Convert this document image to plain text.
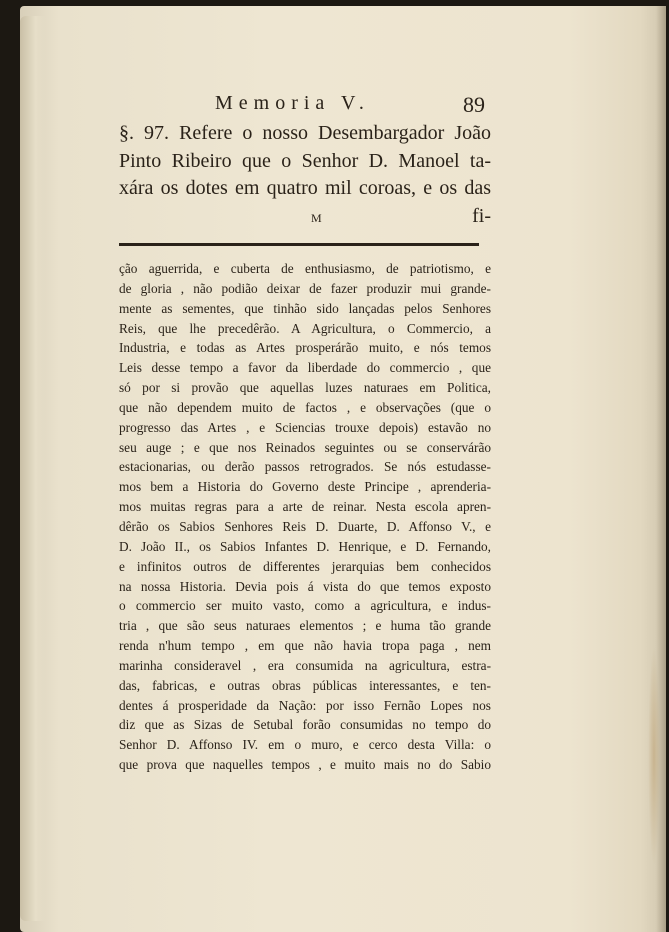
Memoria V.	89
§. 97. Refere o nosso Desembargador João
Pinto Ribeiro que o Senhor D. Manoel ta-
xára os dotes em quatro mil coroas, e os das
M	fi-
ção aguerrida, e cuberta de enthusiasmo, de patriotismo, e
de gloria , não podião deixar de fazer produzir mui grande-
mente as sementes, que tinhão sido lançadas pelos Senhores
Reis, que lhe precedêrão. A Agricultura, o Commercio, a
Industria, e todas as Artes prosperárão muito, e nós temos
Leis desse tempo a favor da liberdade do commercio , que
só por si provão que aquellas luzes naturaes em Politica,
que não dependem muito de factos , e observações (que o
progresso das Artes , e Sciencias trouxe depois) estavão no
seu auge ; e que nos Reinados seguintes ou se conservárão
estacionarias, ou derão passos retrogrados. Se nós estudasse-
mos bem a Historia do Governo deste Principe , aprenderia-
mos muitas regras para a arte de reinar. Nesta escola apren-
dêrão os Sabios Senhores Reis D. Duarte, D. Affonso V., e
D. João II., os Sabios Infantes D. Henrique, e D. Fernando,
e infinitos outros de differentes jerarquias bem conhecidos
na nossa Historia. Devia pois á vista do que temos exposto
o commercio ser muito vasto, como a agricultura, e indus-
tria , que são seus naturaes elementos ; e huma tão grande
renda n'hum tempo , em que não havia tropa paga , nem
marinha consideravel , era consumida na agricultura, estra-
das, fabricas, e outras obras públicas interessantes, e ten-
dentes á prosperidade da Nação: por isso Fernão Lopes nos
diz que as Sizas de Setubal forão consumidas no tempo do
Senhor D. Affonso IV. em o muro, e cerco desta Villa: o
que prova que naquelles tempos , e muito mais no do Sabio
